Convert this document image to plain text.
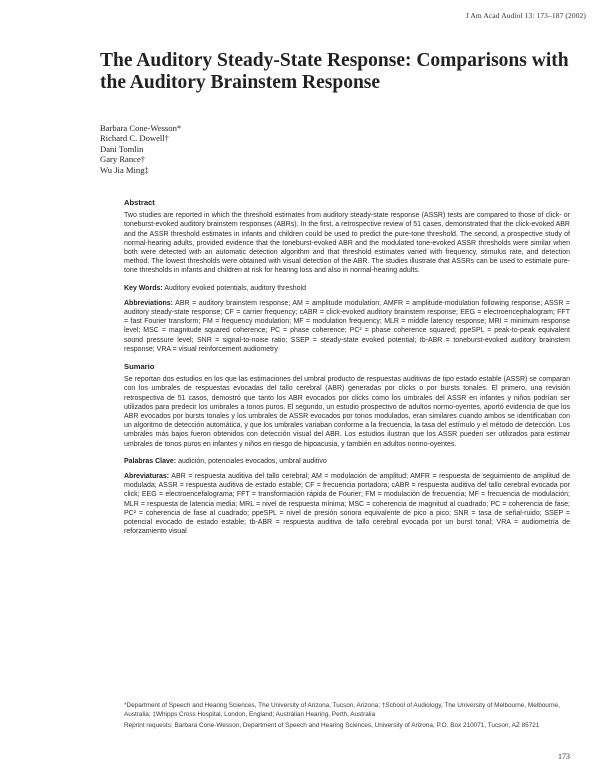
J Am Acad Audiol 13: 173–187 (2002)
The Auditory Steady-State Response: Comparisons with the Auditory Brainstem Response
Barbara Cone-Wesson*
Richard C. Dowell†
Dani Tomlin
Gary Rance†
Wu Jia Ming‡
Abstract

Two studies are reported in which the threshold estimates from auditory steady-state response (ASSR) tests are compared to those of click- or toneburst-evoked auditory brainstem responses (ABRs). In the first, a retrospective review of 51 cases, demonstrated that the click-evoked ABR and the ASSR threshold estimates in infants and children could be used to predict the pure-tone threshold. The second, a prospective study of normal-hearing adults, provided evidence that the toneburst-evoked ABR and the modulated tone-evoked ASSR thresholds were similar when both were detected with an automatic detection algorithm and that threshold estimates varied with frequency, stimulus rate, and detection method. The lowest thresholds were obtained with visual detection of the ABR. The studies illustrate that ASSRs can be used to estimate pure-tone thresholds in infants and children at risk for hearing loss and also in normal-hearing adults.

Key Words: Auditory evoked potentials, auditory threshold

Abbreviations: ABR = auditory brainstem response; AM = amplitude modulation; AMFR = amplitude-modulation following response; ASSR = auditory steady-state response; CF = carrier frequency; cABR = click-evoked auditory brainstem response; EEG = electroencephalogram; FFT = fast Fourier transform; FM = frequency modulation; MF = modulation frequency; MLR = middle latency response; MRI = minimum response level; MSC = magnitude squared coherence; PC = phase coherence; PC² = phase coherence squared; ppeSPL = peak-to-peak equivalent sound pressure level; SNR = signal-to-noise ratio; SSEP = steady-state evoked potential; tb-ABR = toneburst-evoked auditory brainstem response; VRA = visual reinforcement audiometry

Sumario

Se reportan dos estudios en los que las estimaciones del umbral producto de respuestas auditivas de tipo estado estable (ASSR) se comparan con los umbrales de respuestas evocadas del tallo cerebral (ABR) generadas por clicks o por bursts tonales. El primero, una revisión retrospectiva de 51 casos, demostró que tanto los ABR evocados por clicks como los umbrales del ASSR en infantes y niños podrían ser utilizados para predecir los umbrales a tonos puros. El segundo, un estudio prospectivo de adultos normo-oyentes, aportó evidencia de que los ABR evocados por bursts tonales y los umbrales de ASSR evocados por tonos modulados, eran similares cuando ambos se identificaban con un algoritmo de detección automática, y que los umbrales variaban conforme a la frecuencia, la tasa del estímulo y el método de detección. Los umbrales más bajos fueron obtenidos con detección visual del ABR. Los estudios ilustran que los ASSR pueden ser utilizados para estimar umbrales de tonos puros en infantes y niños en riesgo de hipoacusia, y también en adultos normo-oyentes.

Palabras Clave: audición, potenciales evocados, umbral auditivo

Abreviaturas: ABR = respuesta auditiva del tallo cerebral; AM = modulación de amplitud; AMFR = respuesta de seguimiento de amplitud de modulada; ASSR = respuesta auditiva de estado estable; CF = frecuencia portadora; cABR = respuesta auditiva del tallo cerebral evocada por click; EEG = electroencefalograma; FFT = transformación rápida de Fourier; FM = modulación de frecuencia; MF = frecuencia de modulación; MLR = respuesta de latencia media; MRL = nivel de respuesta mínima; MSC = coherencia de magnitud al cuadrado; PC = coherencia de fase; PC² = coherencia de fase al cuadrado; ppeSPL = nivel de presión sonora equivalente de pico a pico; SNR = tasa de señal-ruido; SSEP = potencial evocado de estado estable; tb-ABR = respuesta auditiva de tallo cerebral evocada por un burst tonal; VRA = audiometría de reforzamiento visual

*Department of Speech and Hearing Sciences, The University of Arizona, Tucson, Arizona; †School of Audiology, The University of Melbourne, Melbourne, Australia; ‡Whipps Cross Hospital, London, England; Australian Hearing, Perth, Australia

Reprint requests: Barbara Cone-Wesson, Department of Speech and Hearing Sciences, University of Arizona, P.O. Box 210071, Tucson, AZ 85721

173
